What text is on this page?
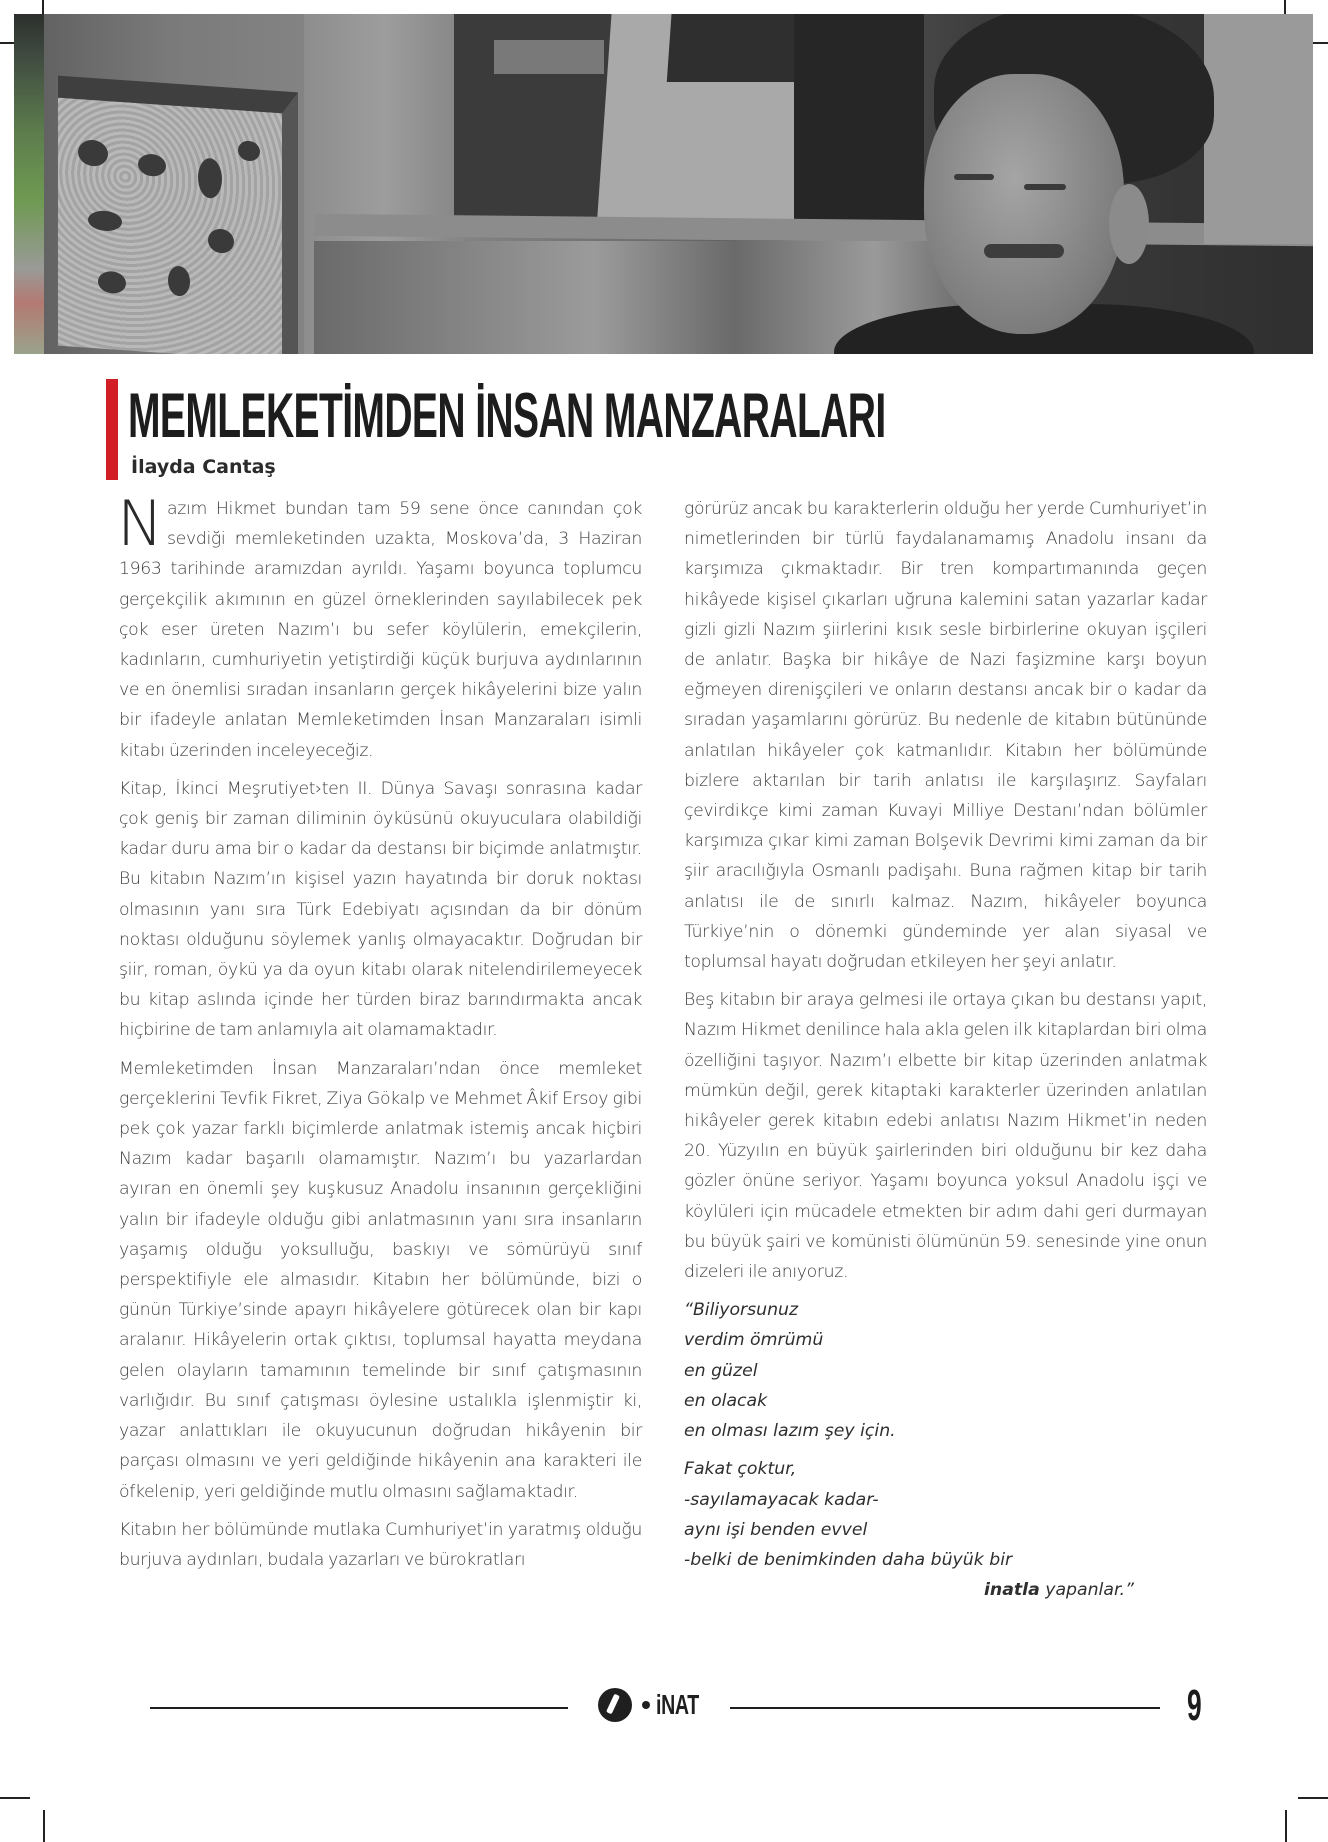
MEMLEKETİMDEN İNSAN MANZARALARI
İlayda Cantaş

Nazım Hikmet bundan tam 59 sene önce canından çok sevdiği memleketinden uzakta, Moskova’da, 3 Haziran 1963 tarihinde aramızdan ayrıldı. Yaşamı boyunca toplumcu gerçekçilik akımının en güzel örneklerinden sayılabilecek pek çok eser üreten Nazım’ı bu sefer köylülerin, emekçilerin, kadınların, cumhuriyetin yetiştirdiği küçük burjuva aydınlarının ve en önemlisi sıradan insanların gerçek hikâyelerini bize yalın bir ifadeyle anlatan Memleketimden İnsan Manzaraları isimli kitabı üzerinden inceleyeceğiz.

Kitap, İkinci Meşrutiyet›ten II. Dünya Savaşı sonrasına kadar çok geniş bir zaman diliminin öyküsünü okuyuculara olabildiği kadar duru ama bir o kadar da destansı bir biçimde anlatmıştır. Bu kitabın Nazım’ın kişisel yazın hayatında bir doruk noktası olmasının yanı sıra Türk Edebiyatı açısından da bir dönüm noktası olduğunu söylemek yanlış olmayacaktır. Doğrudan bir şiir, roman, öykü ya da oyun kitabı olarak nitelendirilemeyecek bu kitap aslında içinde her türden biraz barındırmakta ancak hiçbirine de tam anlamıyla ait olamamaktadır.

Memleketimden İnsan Manzaraları’ndan önce memleket gerçeklerini Tevfik Fikret, Ziya Gökalp ve Mehmet Âkif Ersoy gibi pek çok yazar farklı biçimlerde anlatmak istemiş ancak hiçbiri Nazım kadar başarılı olamamıştır. Nazım’ı bu yazarlardan ayıran en önemli şey kuşkusuz Anadolu insanının gerçekliğini yalın bir ifadeyle olduğu gibi anlatmasının yanı sıra insanların yaşamış olduğu yoksulluğu, baskıyı ve sömürüyü sınıf perspektifiyle ele almasıdır. Kitabın her bölümünde, bizi o günün Türkiye’sinde apayrı hikâyelere götürecek olan bir kapı aralanır. Hikâyelerin ortak çıktısı, toplumsal hayatta meydana gelen olayların tamamının temelinde bir sınıf çatışmasının varlığıdır. Bu sınıf çatışması öylesine ustalıkla işlenmiştir ki, yazar anlattıkları ile okuyucunun doğrudan hikâyenin bir parçası olmasını ve yeri geldiğinde hikâyenin ana karakteri ile öfkelenip, yeri geldiğinde mutlu olmasını sağlamaktadır.

Kitabın her bölümünde mutlaka Cumhuriyet’in yaratmış olduğu burjuva aydınları, budala yazarları ve bürokratları

görürüz ancak bu karakterlerin olduğu her yerde Cumhuriyet’in nimetlerinden bir türlü faydalanamamış Anadolu insanı da karşımıza çıkmaktadır. Bir tren kompartımanında geçen hikâyede kişisel çıkarları uğruna kalemini satan yazarlar kadar gizli gizli Nazım şiirlerini kısık sesle birbirlerine okuyan işçileri de anlatır. Başka bir hikâye de Nazi faşizmine karşı boyun eğmeyen direnişçileri ve onların destansı ancak bir o kadar da sıradan yaşamlarını görürüz. Bu nedenle de kitabın bütününde anlatılan hikâyeler çok katmanlıdır. Kitabın her bölümünde bizlere aktarılan bir tarih anlatısı ile karşılaşırız. Sayfaları çevirdikçe kimi zaman Kuvayi Milliye Destanı’ndan bölümler karşımıza çıkar kimi zaman Bolşevik Devrimi kimi zaman da bir şiir aracılığıyla Osmanlı padişahı. Buna rağmen kitap bir tarih anlatısı ile de sınırlı kalmaz. Nazım, hikâyeler boyunca Türkiye’nin o dönemki gündeminde yer alan siyasal ve toplumsal hayatı doğrudan etkileyen her şeyi anlatır.

Beş kitabın bir araya gelmesi ile ortaya çıkan bu destansı yapıt, Nazım Hikmet denilince hala akla gelen ilk kitaplardan biri olma özelliğini taşıyor. Nazım’ı elbette bir kitap üzerinden anlatmak mümkün değil, gerek kitaptaki karakterler üzerinden anlatılan hikâyeler gerek kitabın edebi anlatısı Nazım Hikmet’in neden 20. Yüzyılın en büyük şairlerinden biri olduğunu bir kez daha gözler önüne seriyor. Yaşamı boyunca yoksul Anadolu işçi ve köylüleri için mücadele etmekten bir adım dahi geri durmayan bu büyük şairi ve komünisti ölümünün 59. senesinde yine onun dizeleri ile anıyoruz.

“Biliyorsunuz
verdim ömrümü
en güzel
en olacak
en olması lazım şey için.
Fakat çoktur,
-sayılamayacak kadar-
aynı işi benden evvel
-belki de benimkinden daha büyük bir
inatla yapanlar.”
iNAT	9
